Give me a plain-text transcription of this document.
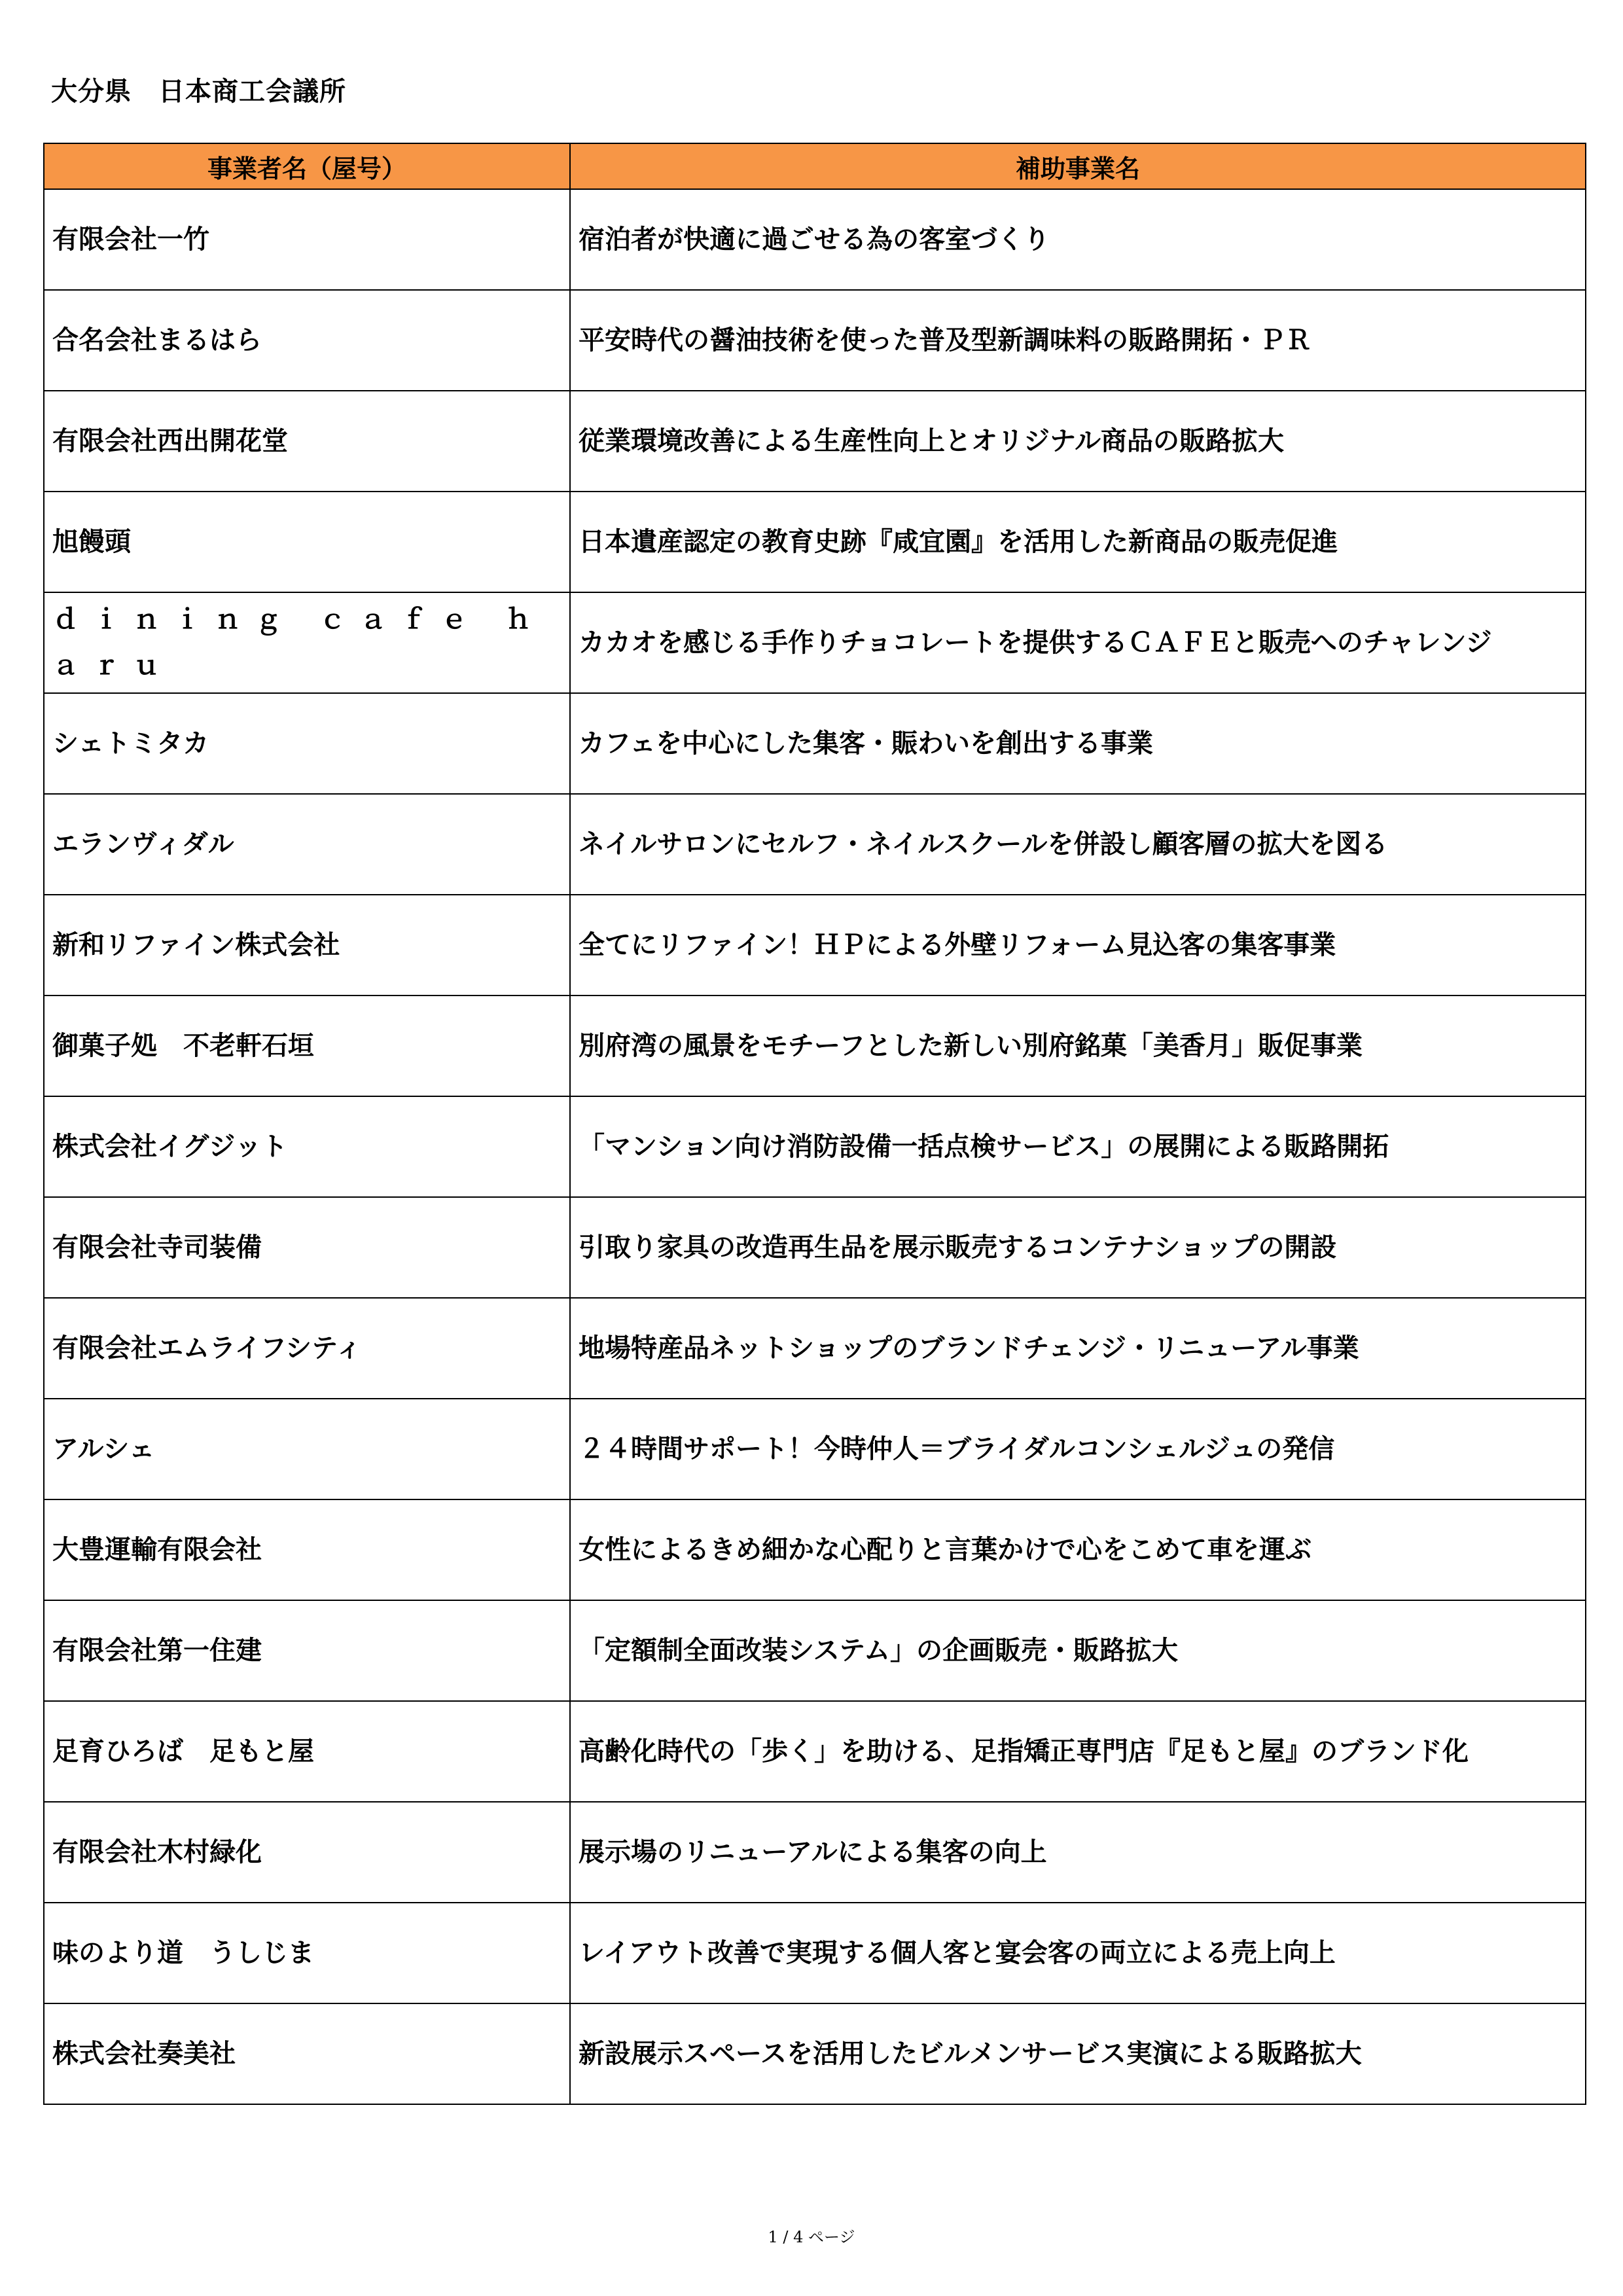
大分県　日本商工会議所
事業者名（屋号）	補助事業名
有限会社一竹	宿泊者が快適に過ごせる為の客室づくり
合名会社まるはら	平安時代の醤油技術を使った普及型新調味料の販路開拓・ＰＲ
有限会社西出開花堂	従業環境改善による生産性向上とオリジナル商品の販路拡大
旭饅頭	日本遺産認定の教育史跡『咸宜園』を活用した新商品の販売促進
ｄｉｎｉｎｇ ｃａｆｅ ｈａｒｕ	カカオを感じる手作りチョコレートを提供するＣＡＦＥと販売へのチャレンジ
シェトミタカ	カフェを中心にした集客・賑わいを創出する事業
エランヴィダル	ネイルサロンにセルフ・ネイルスクールを併設し顧客層の拡大を図る
新和リファイン株式会社	全てにリファイン！ＨＰによる外壁リフォーム見込客の集客事業
御菓子処　不老軒石垣	別府湾の風景をモチーフとした新しい別府銘菓「美香月」販促事業
株式会社イグジット	「マンション向け消防設備一括点検サービス」の展開による販路開拓
有限会社寺司装備	引取り家具の改造再生品を展示販売するコンテナショップの開設
有限会社エムライフシティ	地場特産品ネットショップのブランドチェンジ・リニューアル事業
アルシェ	２４時間サポート！今時仲人＝ブライダルコンシェルジュの発信
大豊運輸有限会社	女性によるきめ細かな心配りと言葉かけで心をこめて車を運ぶ
有限会社第一住建	「定額制全面改装システム」の企画販売・販路拡大
足育ひろば　足もと屋	高齢化時代の「歩く」を助ける、足指矯正専門店『足もと屋』のブランド化
有限会社木村緑化	展示場のリニューアルによる集客の向上
味のより道　うしじま	レイアウト改善で実現する個人客と宴会客の両立による売上向上
株式会社奏美社	新設展示スペースを活用したビルメンサービス実演による販路拡大
1 / 4 ページ
